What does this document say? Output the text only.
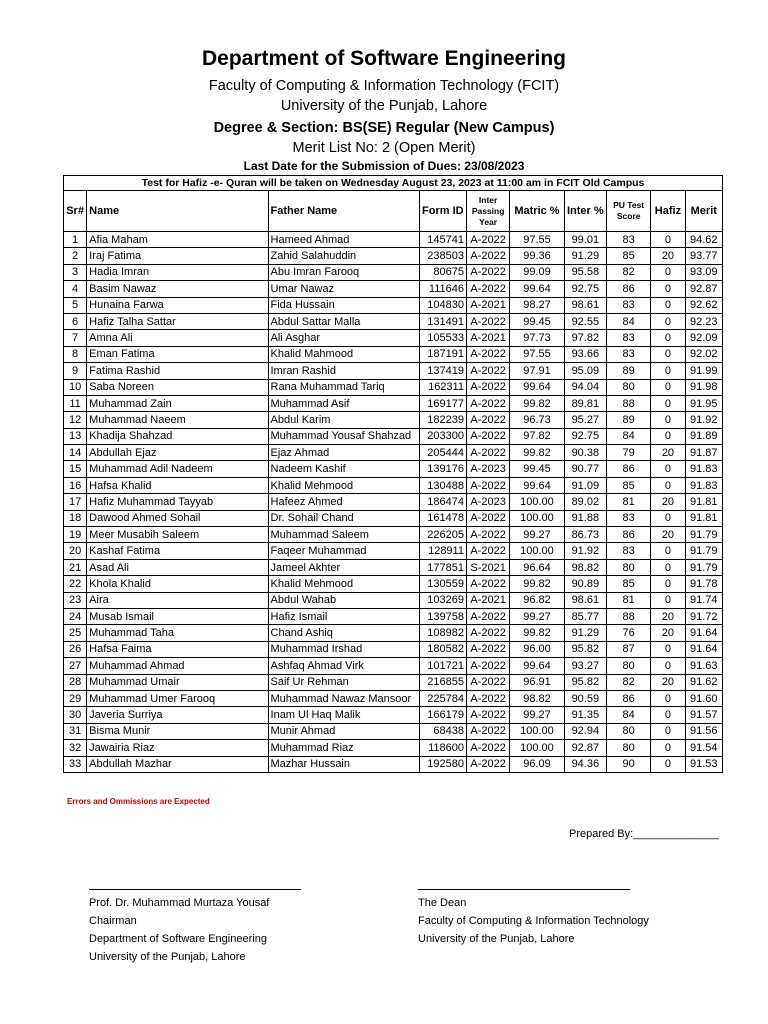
Department of Software Engineering
Faculty of Computing & Information Technology (FCIT)
University of the Punjab, Lahore
Degree & Section: BS(SE) Regular (New Campus)
Merit List No: 2 (Open Merit)
Last Date for the Submission of Dues: 23/08/2023
Test for Hafiz -e- Quran will be taken on Wednesday August 23, 2023 at 11:00 am in FCIT Old Campus									
Sr#	Name	Father Name	Form ID	Inter Passing Year	Matric %	Inter %	PU Test Score	Hafiz	Merit
1	Afia Maham	Hameed Ahmad	145741	A-2022	97.55	99.01	83	0	94.62
2	Iraj Fatima	Zahid Salahuddin	238503	A-2022	99.36	91.29	85	20	93.77
3	Hadia Imran	Abu Imran Farooq	80675	A-2022	99.09	95.58	82	0	93.09
4	Basim Nawaz	Umar Nawaz	111646	A-2022	99.64	92.75	86	0	92.87
5	Hunaina Farwa	Fida Hussain	104830	A-2021	98.27	98.61	83	0	92.62
6	Hafiz Talha Sattar	Abdul Sattar Malla	131491	A-2022	99.45	92.55	84	0	92.23
7	Amna Ali	Ali Asghar	105533	A-2021	97.73	97.82	83	0	92.09
8	Eman Fatima	Khalid Mahmood	187191	A-2022	97.55	93.66	83	0	92.02
9	Fatima Rashid	Imran Rashid	137419	A-2022	97.91	95.09	89	0	91.99
10	Saba Noreen	Rana Muhammad Tariq	162311	A-2022	99.64	94.04	80	0	91.98
11	Muhammad Zain	Muhammad Asif	169177	A-2022	99.82	89.81	88	0	91.95
12	Muhammad Naeem	Abdul Karim	182239	A-2022	96.73	95.27	89	0	91.92
13	Khadija Shahzad	Muhammad Yousaf Shahzad	203300	A-2022	97.82	92.75	84	0	91.89
14	Abdullah Ejaz	Ejaz Ahmad	205444	A-2022	99.82	90.38	79	20	91.87
15	Muhammad Adil Nadeem	Nadeem Kashif	139176	A-2023	99.45	90.77	86	0	91.83
16	Hafsa Khalid	Khalid Mehmood	130488	A-2022	99.64	91.09	85	0	91.83
17	Hafiz Muhammad Tayyab	Hafeez Ahmed	186474	A-2023	100.00	89.02	81	20	91.81
18	Dawood Ahmed Sohail	Dr. Sohail Chand	161478	A-2022	100.00	91.88	83	0	91.81
19	Meer Musabih Saleem	Muhammad Saleem	226205	A-2022	99.27	86.73	86	20	91.79
20	Kashaf Fatima	Faqeer Muhammad	128911	A-2022	100.00	91.92	83	0	91.79
21	Asad Ali	Jameel Akhter	177851	S-2021	96.64	98.82	80	0	91.79
22	Khola Khalid	Khalid Mehmood	130559	A-2022	99.82	90.89	85	0	91.78
23	Aira	Abdul Wahab	103269	A-2021	96.82	98.61	81	0	91.74
24	Musab Ismail	Hafiz Ismail	139758	A-2022	99.27	85.77	88	20	91.72
25	Muhammad Taha	Chand Ashiq	108982	A-2022	99.82	91.29	76	20	91.64
26	Hafsa Faima	Muhammad Irshad	180582	A-2022	96.00	95.82	87	0	91.64
27	Muhammad Ahmad	Ashfaq Ahmad Virk	101721	A-2022	99.64	93.27	80	0	91.63
28	Muhammad Umair	Saif Ur Rehman	216855	A-2022	96.91	95.82	82	20	91.62
29	Muhammad Umer Farooq	Muhammad Nawaz Mansoor	225784	A-2022	98.82	90.59	86	0	91.60
30	Javeria Surriya	Inam Ul Haq Malik	166179	A-2022	99.27	91.35	84	0	91.57
31	Bisma Munir	Munir Ahmad	68438	A-2022	100.00	92.94	80	0	91.56
32	Jawairia Riaz	Muhammad Riaz	118600	A-2022	100.00	92.87	80	0	91.54
33	Abdullah Mazhar	Mazhar Hussain	192580	A-2022	96.09	94.36	90	0	91.53
Errors and Ommissions are Expected
Prepared By:______________
Prof. Dr. Muhammad Murtaza Yousaf
Chairman
Department of Software Engineering
University of the Punjab, Lahore
The Dean
Faculty of Computing & Information Technology
University of the Punjab, Lahore
